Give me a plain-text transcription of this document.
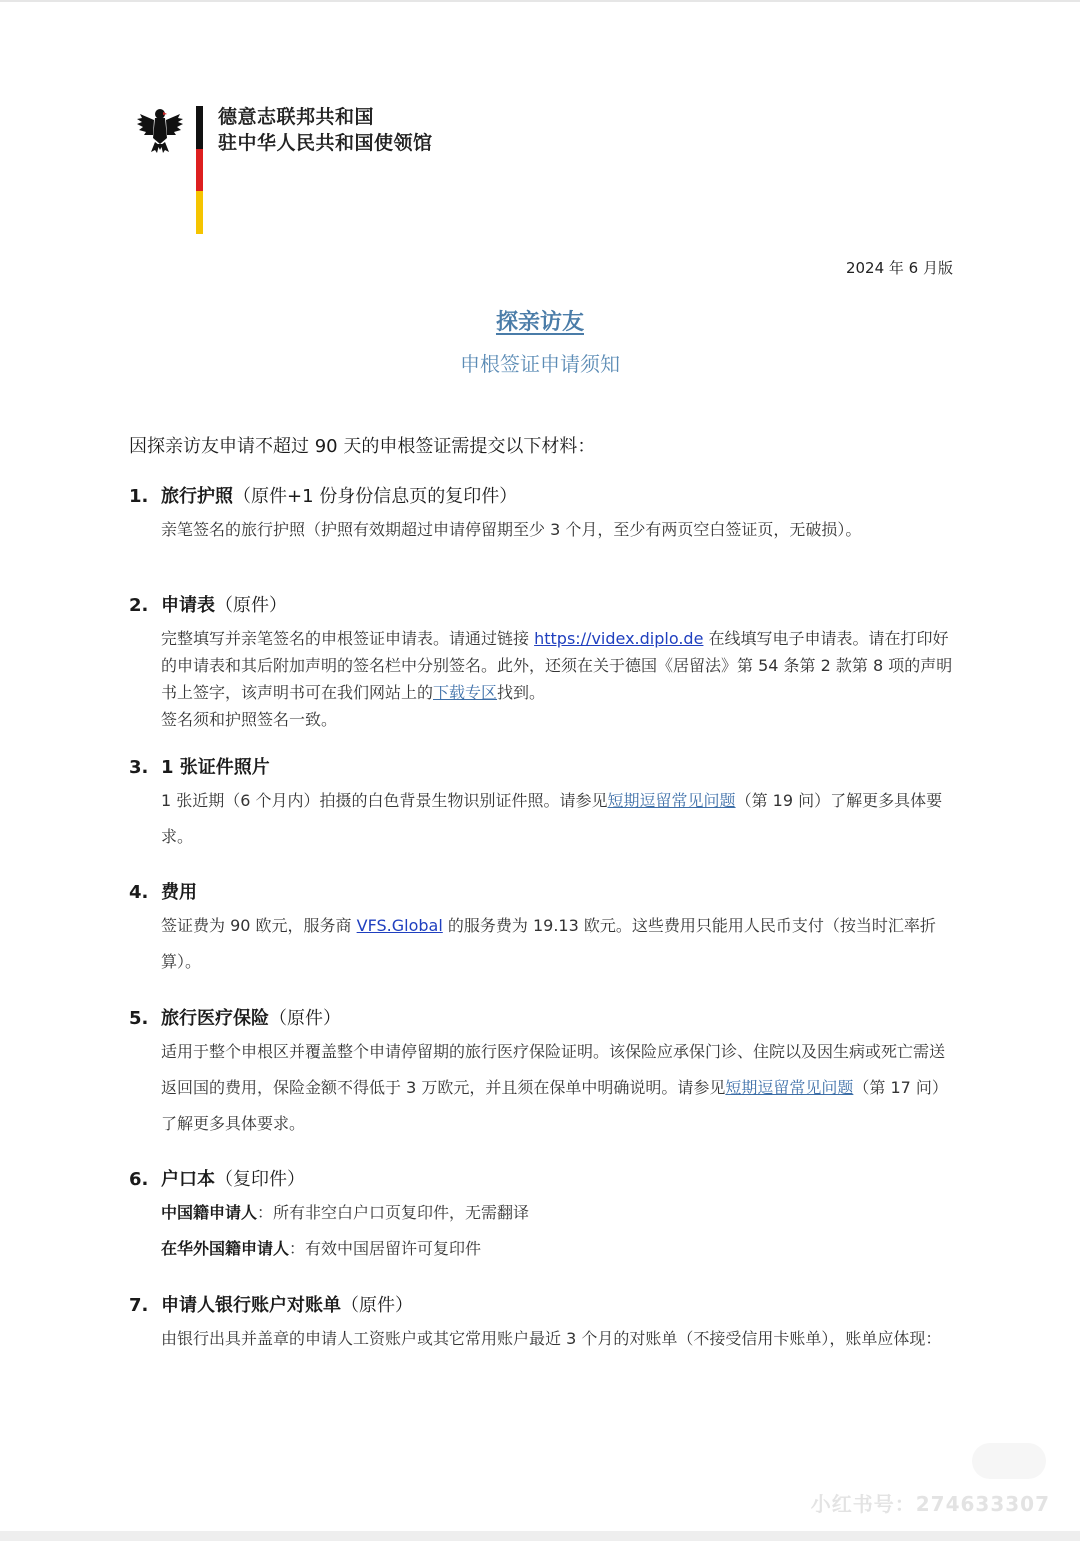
德意志联邦共和国
驻中华人民共和国使领馆
2024 年 6 月版
探亲访友
申根签证申请须知
因探亲访友申请不超过 90 天的申根签证需提交以下材料：
1. 旅行护照（原件+1 份身份信息页的复印件）
亲笔签名的旅行护照（护照有效期超过申请停留期至少 3 个月，至少有两页空白签证页，无破损）。
2. 申请表（原件）

完整填写并亲笔签名的申根签证申请表。请通过链接 https://videx.diplo.de 在线填写电子申请表。请在打印好的申请表和其后附加声明的签名栏中分别签名。此外，还须在关于德国《居留法》第 54 条第 2 款第 8 项的声明书上签字，该声明书可在我们网站上的下载专区找到。

签名须和护照签名一致。

3. 1 张证件照片
1 张近期（6 个月内）拍摄的白色背景生物识别证件照。请参见短期逗留常见问题（第 19 问）了解更多具体要求。
4. 费用
签证费为 90 欧元，服务商 VFS.Global 的服务费为 19.13 欧元。这些费用只能用人民币支付（按当时汇率折算）。
5. 旅行医疗保险（原件）
适用于整个申根区并覆盖整个申请停留期的旅行医疗保险证明。该保险应承保门诊、住院以及因生病或死亡需送返回国的费用，保险金额不得低于 3 万欧元，并且须在保单中明确说明。请参见短期逗留常见问题（第 17 问）了解更多具体要求。
6. 户口本（复印件）

中国籍申请人：所有非空白户口页复印件，无需翻译

在华外国籍申请人：有效中国居留许可复印件

7. 申请人银行账户对账单（原件）
由银行出具并盖章的申请人工资账户或其它常用账户最近 3 个月的对账单（不接受信用卡账单），账单应体现：
小红书号：274633307
